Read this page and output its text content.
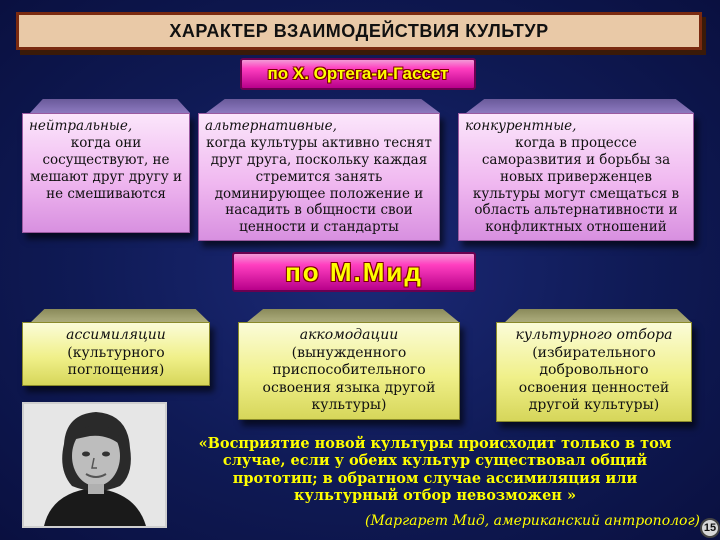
ХАРАКТЕР ВЗАИМОДЕЙСТВИЯ КУЛЬТУР
по Х. Ортега-и-Гассет
нейтральные,
когда они сосуществуют, не мешают друг другу и не смешиваются
альтернативные,
когда культуры активно теснят друг друга, поскольку каждая стремится занять доминирующее положение и насадить в общности свои ценности и стандарты
конкурентные,
когда в процессе саморазвития и борьбы за новых приверженцев культуры могут смещаться в область альтернативности и конфликтных отношений
по М.Мид
ассимиляции
(культурного поглощения)
аккомодации
(вынужденного приспособительного освоения языка другой культуры)
культурного отбора
(избирательного добровольного освоения ценностей другой культуры)
«Восприятие новой культуры происходит только в том случае, если у обеих культур существовал общий прототип; в обратном случае ассимиляция или культурный отбор невозможен »
(Маргарет Мид, американский антрополог) 15
